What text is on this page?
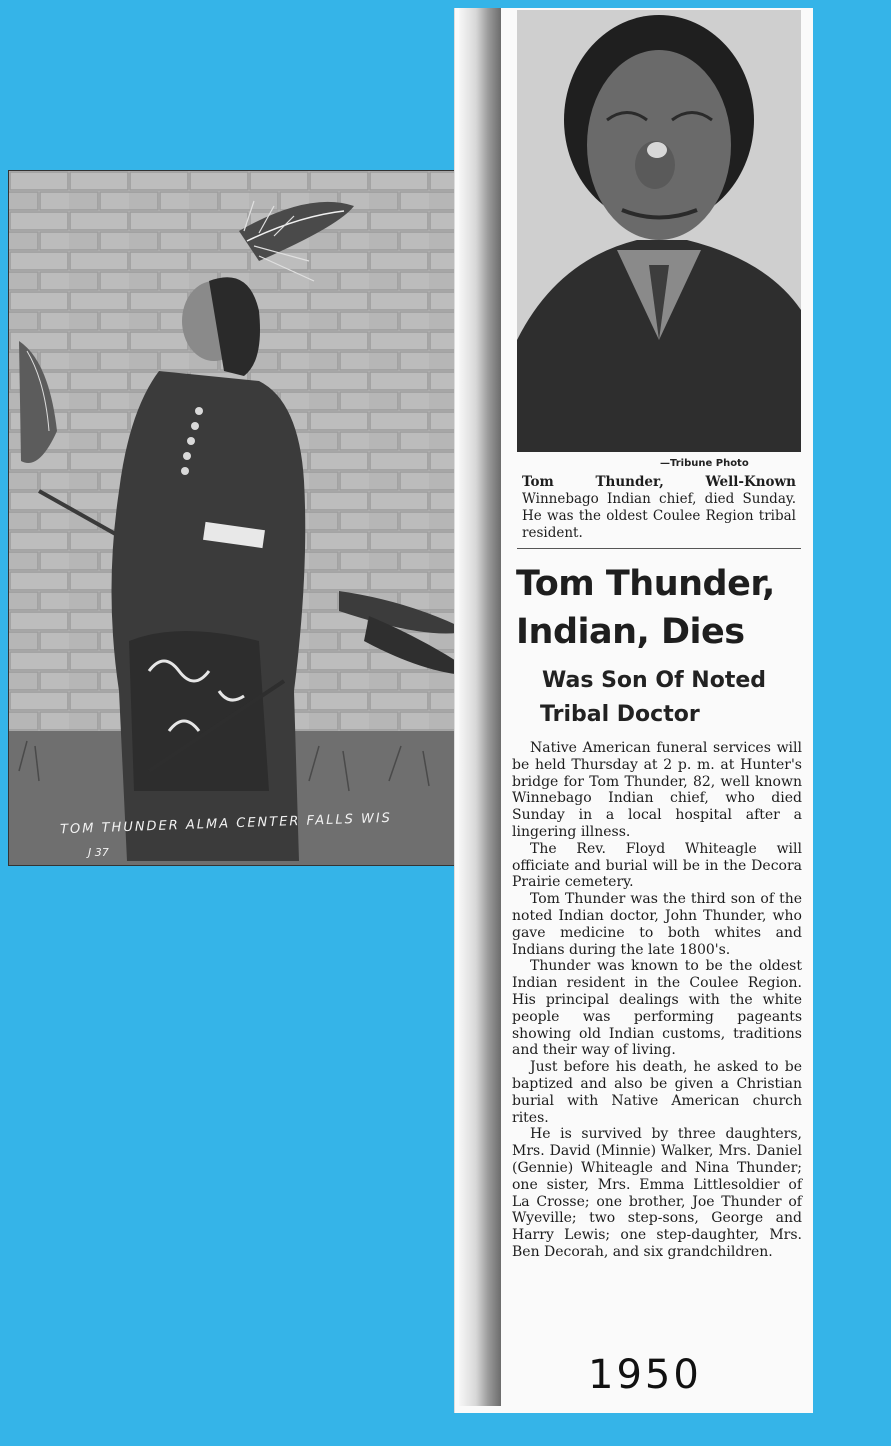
TOM THUNDER ALMA CENTER FALLS WIS
J 37
—Tribune Photo
Tom Thunder, Well-Known Winnebago Indian chief, died Sunday. He was the oldest Coulee Region tribal resident.
Tom Thunder,
Indian, Dies
Was Son Of Noted
Tribal Doctor

Native American funeral services will be held Thursday at 2 p. m. at Hunter's bridge for Tom Thunder, 82, well known Winnebago Indian chief, who died Sunday in a local hospital after a lingering illness.

The Rev. Floyd Whiteagle will officiate and burial will be in the Decora Prairie cemetery.

Tom Thunder was the third son of the noted Indian doctor, John Thunder, who gave medicine to both whites and Indians during the late 1800's.

Thunder was known to be the oldest Indian resident in the Coulee Region. His principal dealings with the white people was performing pageants showing old Indian customs, traditions and their way of living.

Just before his death, he asked to be baptized and also be given a Christian burial with Native American church rites.

He is survived by three daughters, Mrs. David (Minnie) Walker, Mrs. Daniel (Gennie) Whiteagle and Nina Thunder; one sister, Mrs. Emma Littlesoldier of La Crosse; one brother, Joe Thunder of Wyeville; two step-sons, George and Harry Lewis; one step-daughter, Mrs. Ben Decorah, and six grandchildren.

1950
